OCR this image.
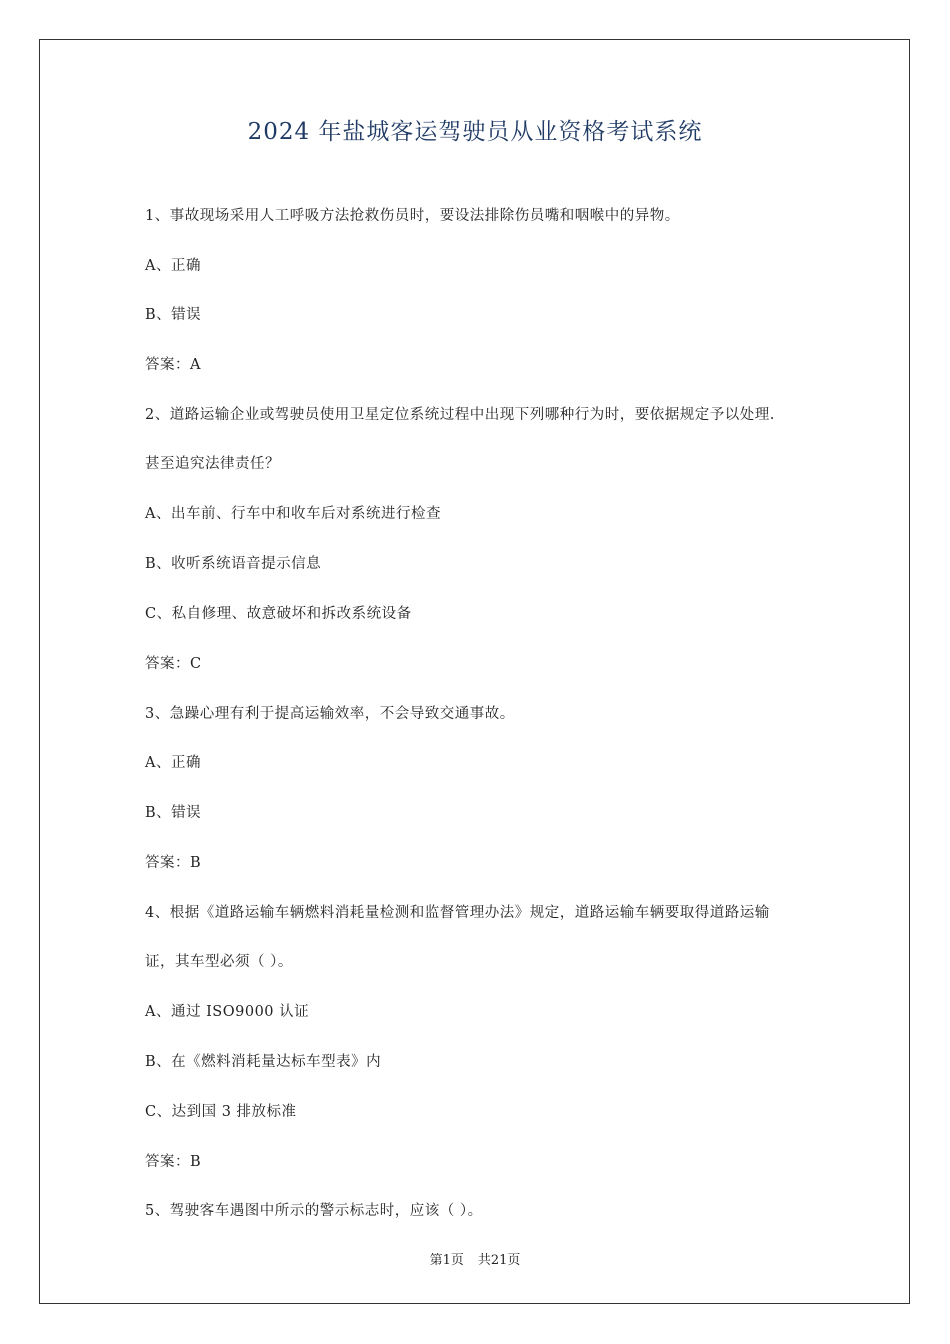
2024 年盐城客运驾驶员从业资格考试系统
1、事故现场采用人工呼吸方法抢救伤员时，要设法排除伤员嘴和咽喉中的异物。
A、正确
B、错误
答案：A
2、道路运输企业或驾驶员使用卫星定位系统过程中出现下列哪种行为时，要依据规定予以处理.
甚至追究法律责任？
A、出车前、行车中和收车后对系统进行检查
B、收听系统语音提示信息
C、私自修理、故意破坏和拆改系统设备
答案：C
3、急躁心理有利于提高运输效率，不会导致交通事故。
A、正确
B、错误
答案：B
4、根据《道路运输车辆燃料消耗量检测和监督管理办法》规定，道路运输车辆要取得道路运输
证，其车型必须（ ）。
A、通过 ISO9000 认证
B、在《燃料消耗量达标车型表》内
C、达到国 3 排放标准
答案：B
5、驾驶客车遇图中所示的警示标志时，应该（ ）。
第1页 共21页
